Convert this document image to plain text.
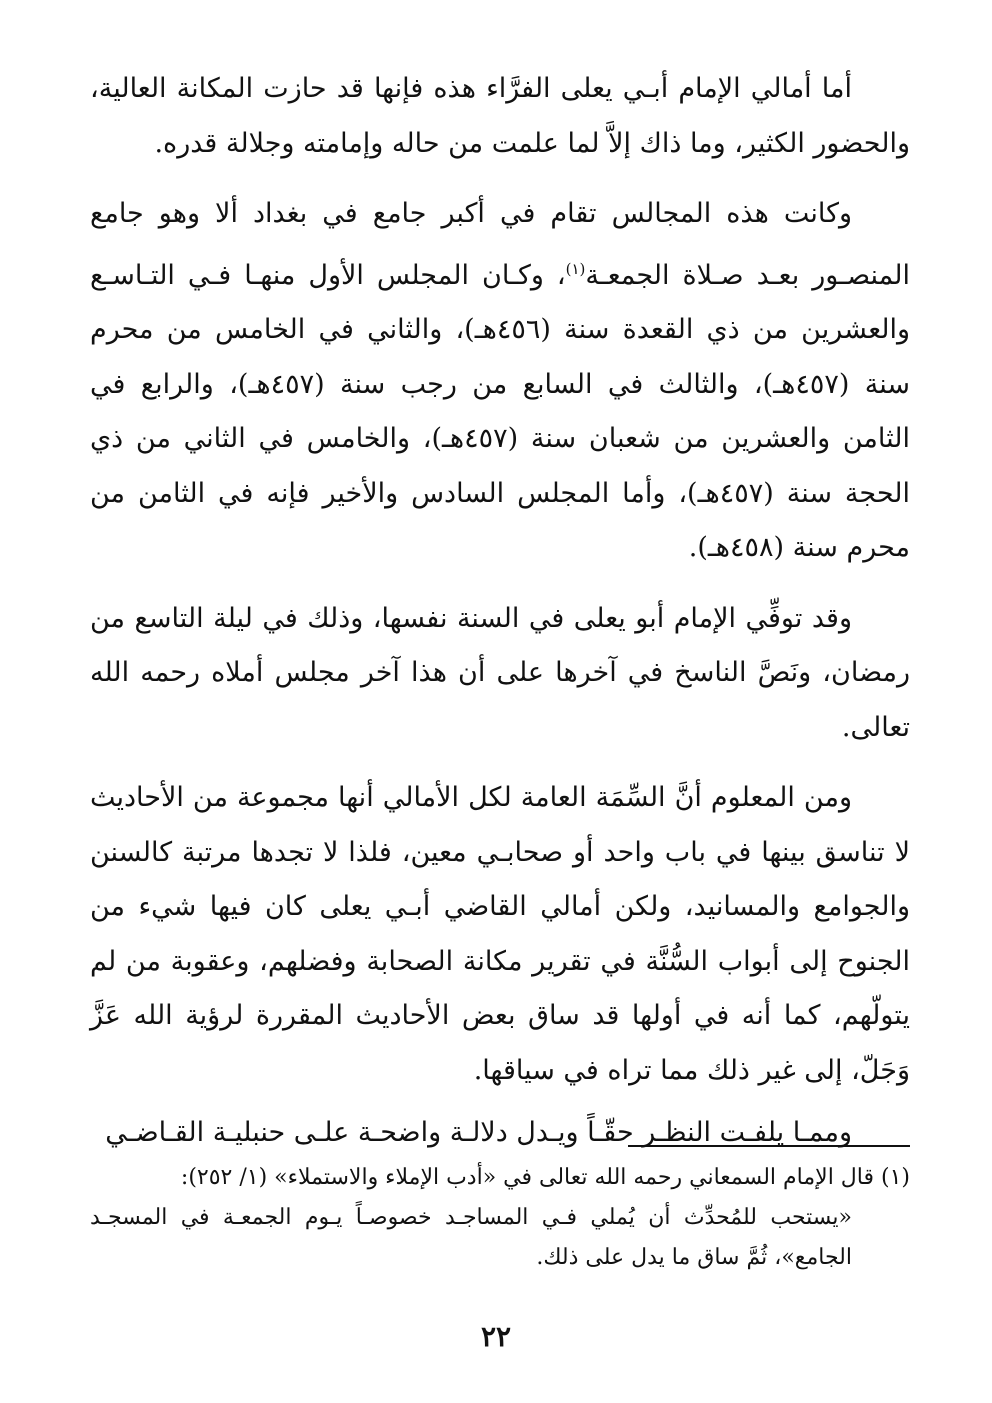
أما أمالي الإمام أبـي يعلى الفرَّاء هذه فإنها قد حازت المكانة العالية، والحضور الكثير، وما ذاك إلاَّ لما علمت من حاله وإمامته وجلالة قدره.

وكانت هذه المجالس تقام في أكبر جامع في بغداد ألا وهو جامع المنصـور بعـد صـلاة الجمعـة$^{(١)}$، وكـان المجلس الأول منهـا فـي التـاسـع والعشرين من ذي القعدة سنة (٤٥٦هـ)، والثاني في الخامس من محرم سنة (٤٥٧هـ)، والثالث في السابع من رجب سنة (٤٥٧هـ)، والرابع في الثامن والعشرين من شعبان سنة (٤٥٧هـ)، والخامس في الثاني من ذي الحجة سنة (٤٥٧هـ)، وأما المجلس السادس والأخير فإنه في الثامن من محرم سنة (٤٥٨هـ).

وقد توفِّي الإمام أبو يعلى في السنة نفسها، وذلك في ليلة التاسع من رمضان، ونَصَّ الناسخ في آخرها على أن هذا آخر مجلس أملاه رحمه الله تعالى.

ومن المعلوم أنَّ السِّمَة العامة لكل الأمالي أنها مجموعة من الأحاديث لا تناسق بينها في باب واحد أو صحابـي معين، فلذا لا تجدها مرتبة كالسنن والجوامع والمسانيد، ولكن أمالي القاضي أبـي يعلى كان فيها شيء من الجنوح إلى أبواب السُّنَّة في تقرير مكانة الصحابة وفضلهم، وعقوبة من لم يتولّهم، كما أنه في أولها قد ساق بعض الأحاديث المقررة لرؤية الله عَزَّ وَجَلّ، إلى غير ذلك مما تراه في سياقها.

وممـا يلفـت النظـر حقّـاً ويـدل دلالـة واضحـة علـى حنبليـة القـاضـي

(١) قال الإمام السمعاني رحمه الله تعالى في «أدب الإملاء والاستملاء» (١/ ٢٥٢):

«يستحب للمُحدِّث أن يُملي فـي المساجـد خصوصـاً يـوم الجمعـة في المسجـد الجامع»، ثُمَّ ساق ما يدل على ذلك.

٢٢
